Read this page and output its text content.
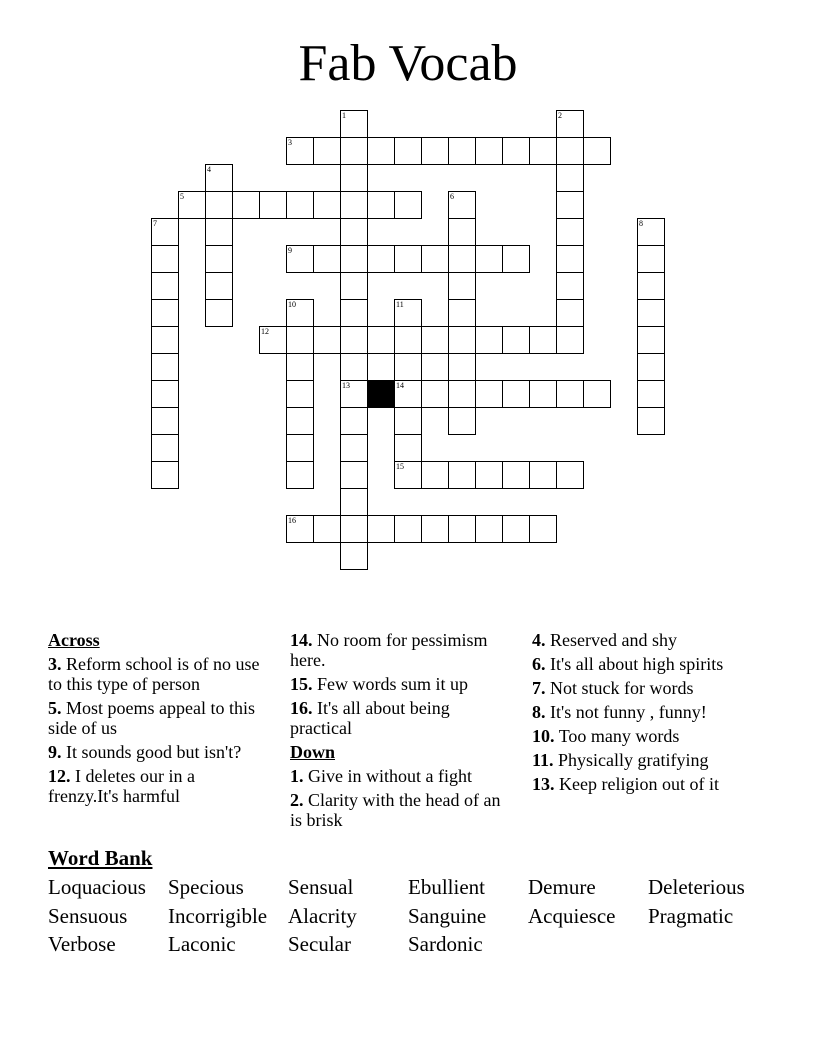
Fab Vocab
3
5
9
12
14
15
16
1
13
2
4
6
7	8
10	11
Across
3. Reform school is of no use to this type of person
5. Most poems appeal to this side of us
9. It sounds good but isn't?
12. I deletes our in a frenzy.It's harmful
14. No room for pessimism here.
15. Few words sum it up
16. It's all about being practical
Down
1. Give in without a fight
2. Clarity with the head of an is brisk
4. Reserved and shy
6. It's all about high spirits
7. Not stuck for words
8. It's not funny , funny!
10. Too many words
11. Physically gratifying
13. Keep religion out of it
Word Bank
Loquacious Specious Sensual	Ebullient Demure Deleterious
Sensuous Incorrigible Alacrity Sanguine Acquiesce Pragmatic
Verbose Laconic Secular	Sardonic
